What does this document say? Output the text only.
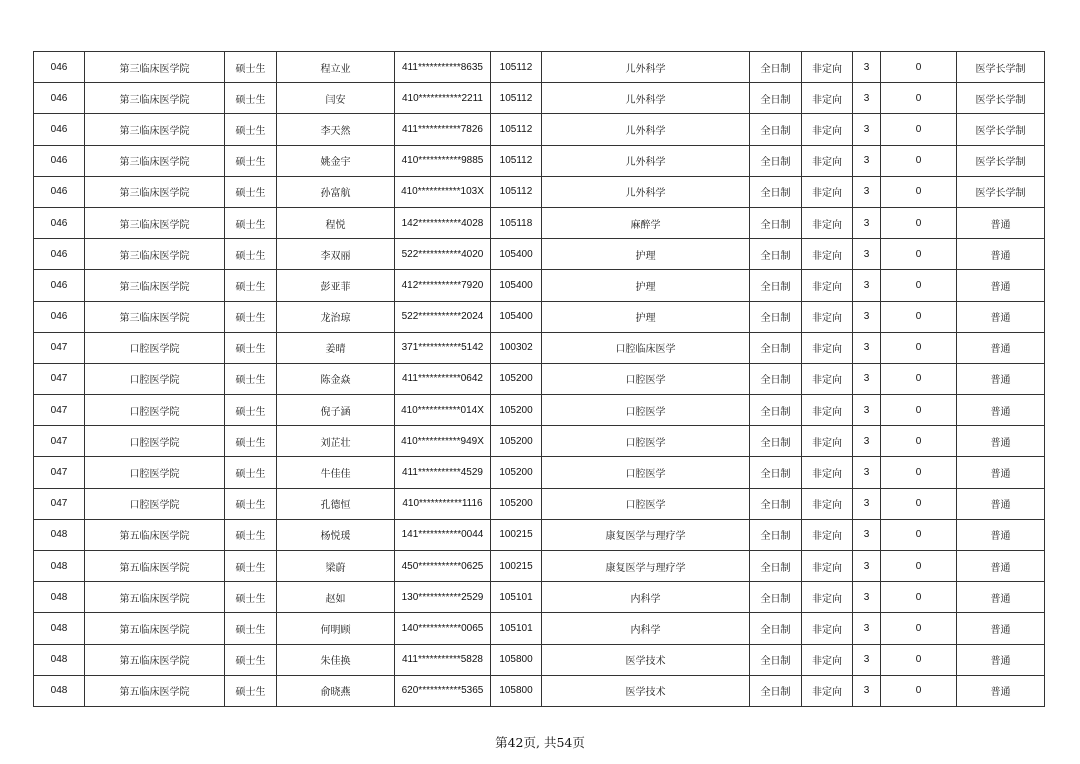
046	第三临床医学院	硕士生	程立业	411***********8635	105112	儿外科学	全日制	非定向	3	0	医学长学制
046	第三临床医学院	硕士生	闫安	410***********2211	105112	儿外科学	全日制	非定向	3	0	医学长学制
046	第三临床医学院	硕士生	李天然	411***********7826	105112	儿外科学	全日制	非定向	3	0	医学长学制
046	第三临床医学院	硕士生	姚金宇	410***********9885	105112	儿外科学	全日制	非定向	3	0	医学长学制
046	第三临床医学院	硕士生	孙富航	410***********103X	105112	儿外科学	全日制	非定向	3	0	医学长学制
046	第三临床医学院	硕士生	程悦	142***********4028	105118	麻醉学	全日制	非定向	3	0	普通
046	第三临床医学院	硕士生	李双丽	522***********4020	105400	护理	全日制	非定向	3	0	普通
046	第三临床医学院	硕士生	彭亚菲	412***********7920	105400	护理	全日制	非定向	3	0	普通
046	第三临床医学院	硕士生	龙治琼	522***********2024	105400	护理	全日制	非定向	3	0	普通
047	口腔医学院	硕士生	姜晴	371***********5142	100302	口腔临床医学	全日制	非定向	3	0	普通
047	口腔医学院	硕士生	陈金焱	411***********0642	105200	口腔医学	全日制	非定向	3	0	普通
047	口腔医学院	硕士生	倪子涵	410***********014X	105200	口腔医学	全日制	非定向	3	0	普通
047	口腔医学院	硕士生	刘芷壮	410***********949X	105200	口腔医学	全日制	非定向	3	0	普通
047	口腔医学院	硕士生	牛佳佳	411***********4529	105200	口腔医学	全日制	非定向	3	0	普通
047	口腔医学院	硕士生	孔德恒	410***********1116	105200	口腔医学	全日制	非定向	3	0	普通
048	第五临床医学院	硕士生	杨悦瑗	141***********0044	100215	康复医学与理疗学	全日制	非定向	3	0	普通
048	第五临床医学院	硕士生	梁蔚	450***********0625	100215	康复医学与理疗学	全日制	非定向	3	0	普通
048	第五临床医学院	硕士生	赵如	130***********2529	105101	内科学	全日制	非定向	3	0	普通
048	第五临床医学院	硕士生	何明顾	140***********0065	105101	内科学	全日制	非定向	3	0	普通
048	第五临床医学院	硕士生	朱佳换	411***********5828	105800	医学技术	全日制	非定向	3	0	普通
048	第五临床医学院	硕士生	俞晓燕	620***********5365	105800	医学技术	全日制	非定向	3	0	普通
第42页, 共54页
